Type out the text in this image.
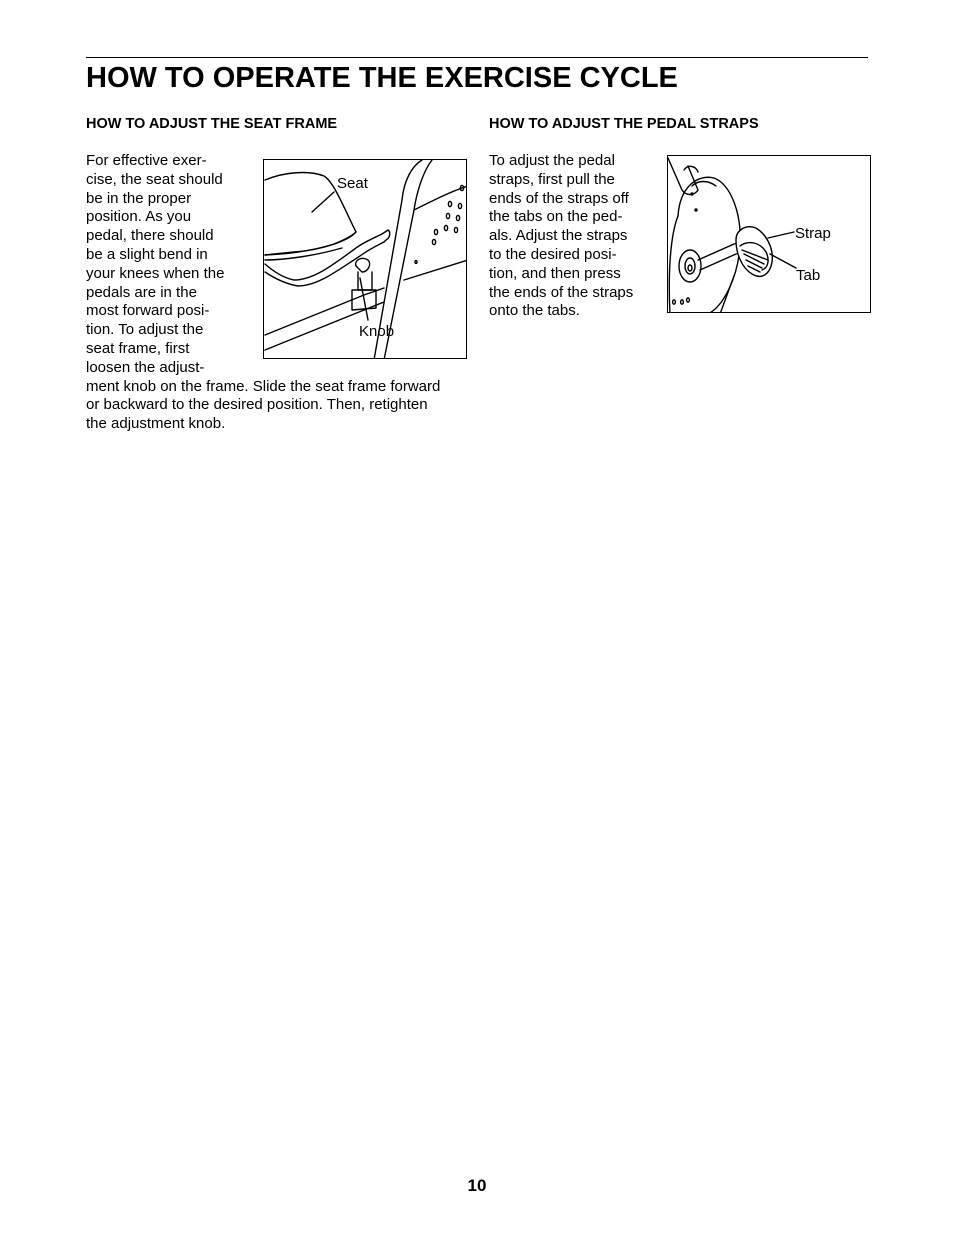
HOW TO OPERATE THE EXERCISE CYCLE
HOW TO ADJUST THE SEAT FRAME
For effective exer-
cise, the seat should
be in the proper
position. As you
pedal, there should
be a slight bend in
your knees when the
pedals are in the
most forward posi-
tion. To adjust the
seat frame, first
loosen the adjust-
ment knob on the frame. Slide the seat frame forward
or backward to the desired position. Then, retighten
the adjustment knob.
Seat
Knob
HOW TO ADJUST THE PEDAL STRAPS
To adjust the pedal
straps, first pull the
ends of the straps off
the tabs on the ped-
als. Adjust the straps
to the desired posi-
tion, and then press
the ends of the straps
onto the tabs.
Strap
Tab
10
